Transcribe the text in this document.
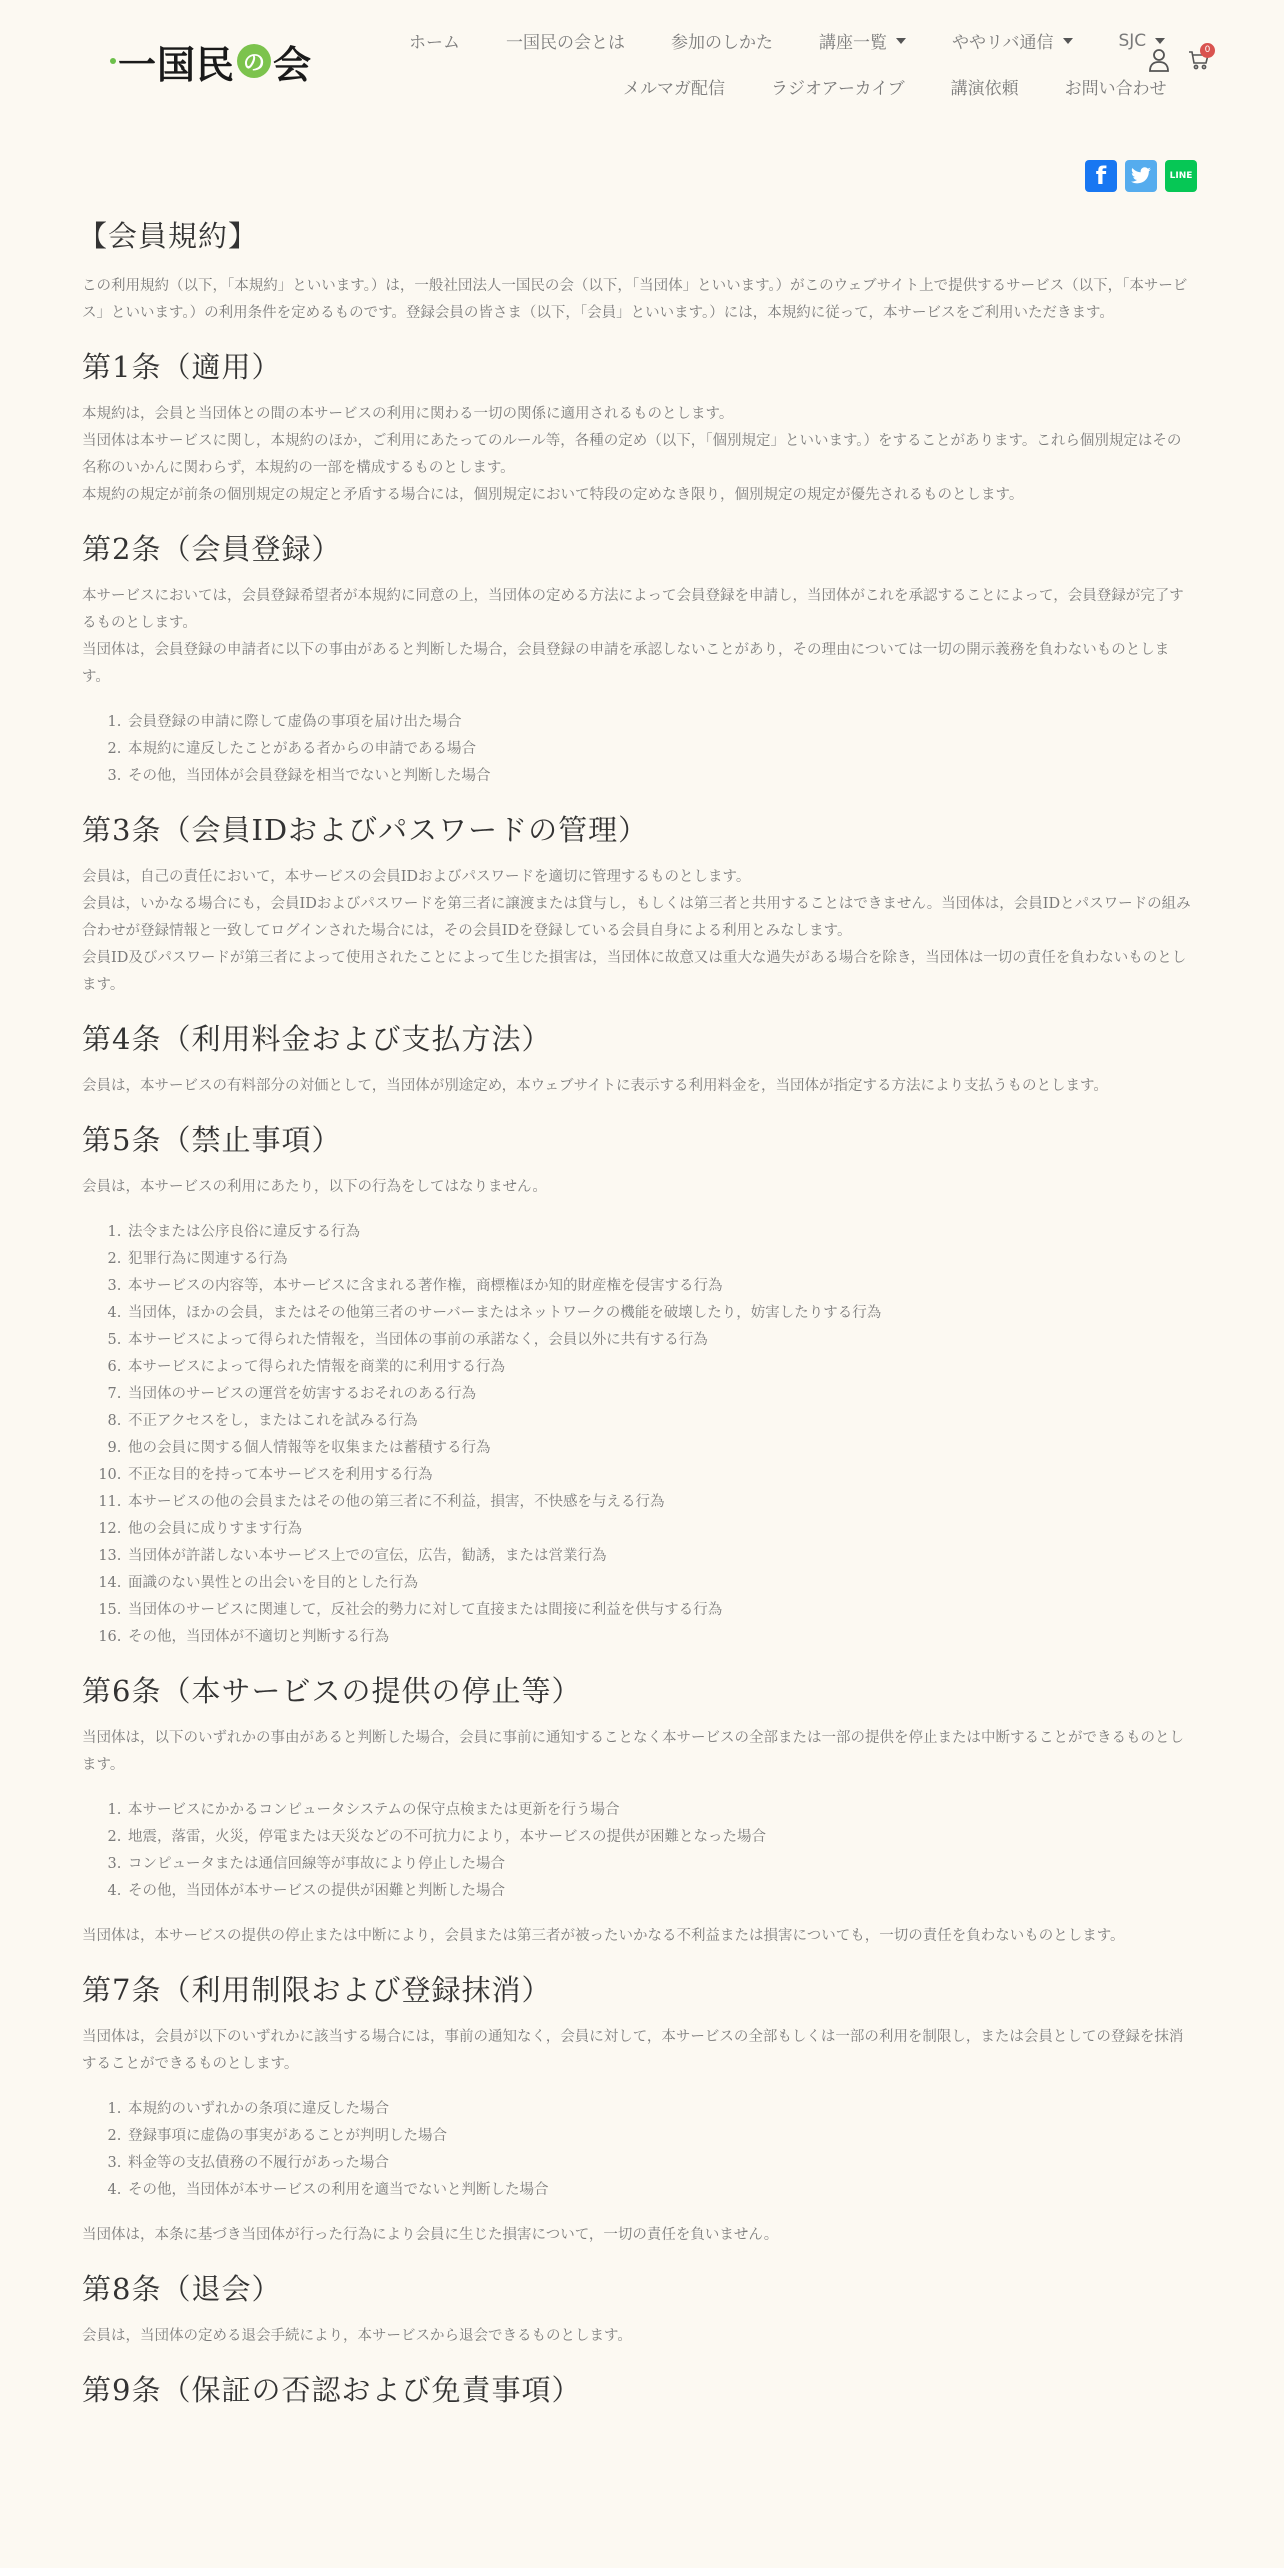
一国民 の 会	ホーム	一国民の会とは	参加のしかた	講座一覧	ややリバ通信	SJC
メルマガ配信	ラジオアーカイブ	講演依頼	お問い合わせ
0
f	LINE
【会員規約】

この利用規約（以下，「本規約」といいます。）は，一般社団法人一国民の会（以下，「当団体」といいます。）がこのウェブサイト上で提供するサービス（以下，「本サービス」といいます。）の利用条件を定めるものです。登録会員の皆さま（以下，「会員」といいます。）には，本規約に従って，本サービスをご利用いただきます。

第1条（適用）

本規約は，会員と当団体との間の本サービスの利用に関わる一切の関係に適用されるものとします。

当団体は本サービスに関し，本規約のほか，ご利用にあたってのルール等，各種の定め（以下，「個別規定」といいます。）をすることがあります。これら個別規定はその名称のいかんに関わらず，本規約の一部を構成するものとします。

本規約の規定が前条の個別規定の規定と矛盾する場合には，個別規定において特段の定めなき限り，個別規定の規定が優先されるものとします。

第2条（会員登録）

本サービスにおいては，会員登録希望者が本規約に同意の上，当団体の定める方法によって会員登録を申請し，当団体がこれを承認することによって，会員登録が完了するものとします。

当団体は，会員登録の申請者に以下の事由があると判断した場合，会員登録の申請を承認しないことがあり，その理由については一切の開示義務を負わないものとします。

1. 会員登録の申請に際して虚偽の事項を届け出た場合
2. 本規約に違反したことがある者からの申請である場合
3. その他，当団体が会員登録を相当でないと判断した場合
第3条（会員IDおよびパスワードの管理）

会員は，自己の責任において，本サービスの会員IDおよびパスワードを適切に管理するものとします。

会員は，いかなる場合にも，会員IDおよびパスワードを第三者に譲渡または貸与し，もしくは第三者と共用することはできません。当団体は，会員IDとパスワードの組み合わせが登録情報と一致してログインされた場合には，その会員IDを登録している会員自身による利用とみなします。

会員ID及びパスワードが第三者によって使用されたことによって生じた損害は，当団体に故意又は重大な過失がある場合を除き，当団体は一切の責任を負わないものとします。

第4条（利用料金および支払方法）

会員は，本サービスの有料部分の対価として，当団体が別途定め，本ウェブサイトに表示する利用料金を，当団体が指定する方法により支払うものとします。

第5条（禁止事項）

会員は，本サービスの利用にあたり，以下の行為をしてはなりません。

1. 法令または公序良俗に違反する行為
2. 犯罪行為に関連する行為
3. 本サービスの内容等，本サービスに含まれる著作権，商標権ほか知的財産権を侵害する行為
4. 当団体，ほかの会員，またはその他第三者のサーバーまたはネットワークの機能を破壊したり，妨害したりする行為
5. 本サービスによって得られた情報を，当団体の事前の承諾なく，会員以外に共有する行為
6. 本サービスによって得られた情報を商業的に利用する行為
7. 当団体のサービスの運営を妨害するおそれのある行為
8. 不正アクセスをし，またはこれを試みる行為
9. 他の会員に関する個人情報等を収集または蓄積する行為
10. 不正な目的を持って本サービスを利用する行為
11. 本サービスの他の会員またはその他の第三者に不利益，損害，不快感を与える行為
12. 他の会員に成りすます行為
13. 当団体が許諾しない本サービス上での宣伝，広告，勧誘，または営業行為
14. 面識のない異性との出会いを目的とした行為
15. 当団体のサービスに関連して，反社会的勢力に対して直接または間接に利益を供与する行為
16. その他，当団体が不適切と判断する行為
第6条（本サービスの提供の停止等）

当団体は，以下のいずれかの事由があると判断した場合，会員に事前に通知することなく本サービスの全部または一部の提供を停止または中断することができるものとします。

1. 本サービスにかかるコンピュータシステムの保守点検または更新を行う場合
2. 地震，落雷，火災，停電または天災などの不可抗力により，本サービスの提供が困難となった場合
3. コンピュータまたは通信回線等が事故により停止した場合
4. その他，当団体が本サービスの提供が困難と判断した場合

当団体は，本サービスの提供の停止または中断により，会員または第三者が被ったいかなる不利益または損害についても，一切の責任を負わないものとします。

第7条（利用制限および登録抹消）

当団体は，会員が以下のいずれかに該当する場合には，事前の通知なく，会員に対して，本サービスの全部もしくは一部の利用を制限し，または会員としての登録を抹消することができるものとします。

1. 本規約のいずれかの条項に違反した場合
2. 登録事項に虚偽の事実があることが判明した場合
3. 料金等の支払債務の不履行があった場合
4. その他，当団体が本サービスの利用を適当でないと判断した場合

当団体は，本条に基づき当団体が行った行為により会員に生じた損害について，一切の責任を負いません。

第8条（退会）

会員は，当団体の定める退会手続により，本サービスから退会できるものとします。

第9条（保証の否認および免責事項）
